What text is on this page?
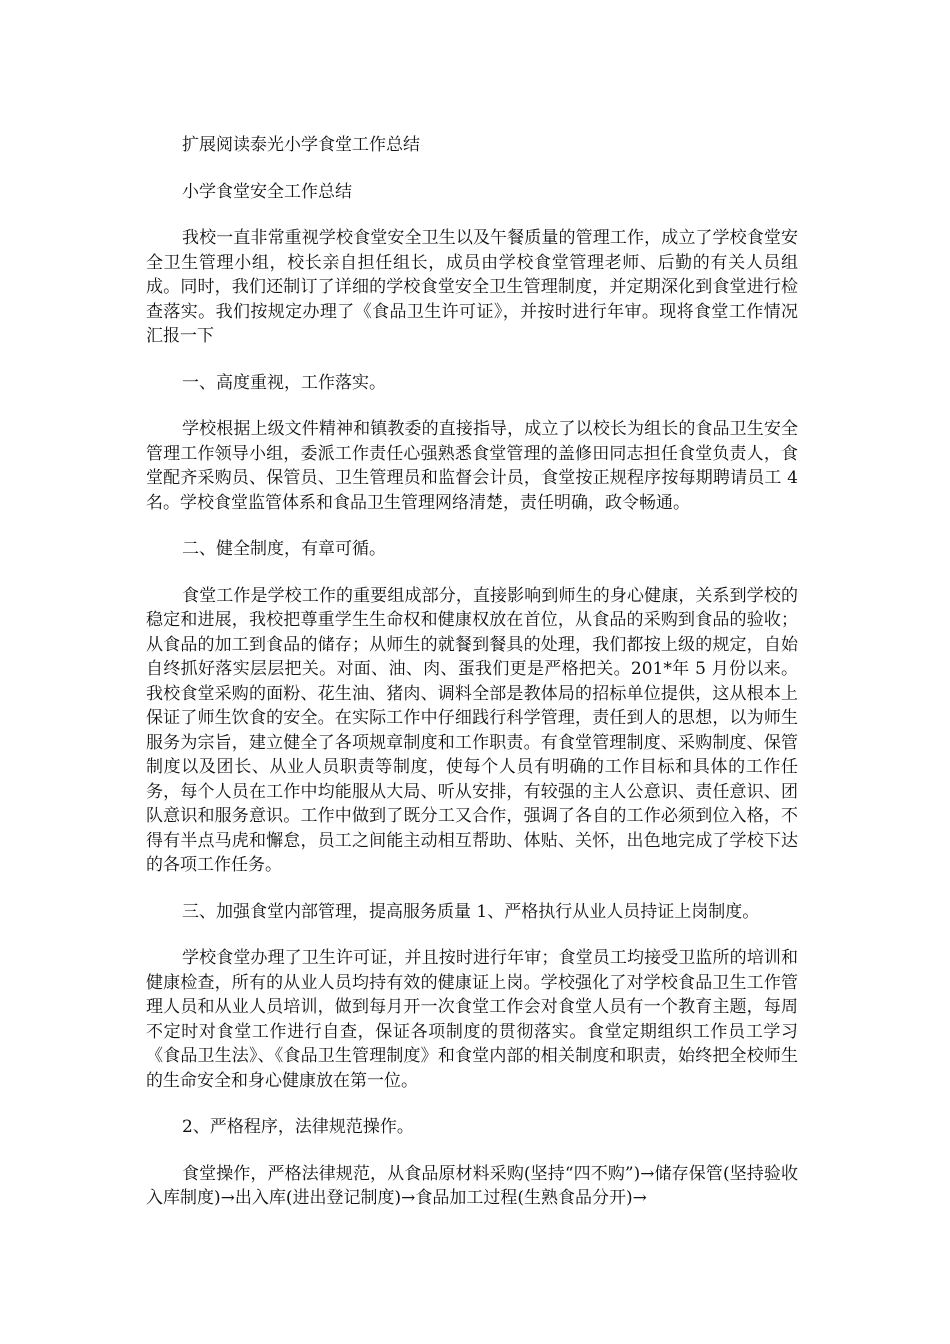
扩展阅读泰光小学食堂工作总结

小学食堂安全工作总结

我校一直非常重视学校食堂安全卫生以及午餐质量的管理工作，成立了学校食堂安全卫生管理小组，校长亲自担任组长，成员由学校食堂管理老师、后勤的有关人员组成。同时，我们还制订了详细的学校食堂安全卫生管理制度，并定期深化到食堂进行检查落实。我们按规定办理了《食品卫生许可证》，并按时进行年审。现将食堂工作情况汇报一下

一、高度重视，工作落实。

学校根据上级文件精神和镇教委的直接指导，成立了以校长为组长的食品卫生安全管理工作领导小组，委派工作责任心强熟悉食堂管理的盖修田同志担任食堂负责人，食堂配齐采购员、保管员、卫生管理员和监督会计员，食堂按正规程序按每期聘请员工 4 名。学校食堂监管体系和食品卫生管理网络清楚，责任明确，政令畅通。

二、健全制度，有章可循。

食堂工作是学校工作的重要组成部分，直接影响到师生的身心健康，关系到学校的稳定和进展，我校把尊重学生生命权和健康权放在首位，从食品的采购到食品的验收；从食品的加工到食品的储存；从师生的就餐到餐具的处理，我们都按上级的规定，自始自终抓好落实层层把关。对面、油、肉、蛋我们更是严格把关。201*年 5 月份以来。我校食堂采购的面粉、花生油、猪肉、调料全部是教体局的招标单位提供，这从根本上保证了师生饮食的安全。在实际工作中仔细践行科学管理，责任到人的思想，以为师生服务为宗旨，建立健全了各项规章制度和工作职责。有食堂管理制度、采购制度、保管制度以及团长、从业人员职责等制度，使每个人员有明确的工作目标和具体的工作任务，每个人员在工作中均能服从大局、听从安排，有较强的主人公意识、责任意识、团队意识和服务意识。工作中做到了既分工又合作，强调了各自的工作必须到位入格，不得有半点马虎和懈怠，员工之间能主动相互帮助、体贴、关怀，出色地完成了学校下达的各项工作任务。

三、加强食堂内部管理，提高服务质量 1、严格执行从业人员持证上岗制度。

学校食堂办理了卫生许可证，并且按时进行年审；食堂员工均接受卫监所的培训和健康检查，所有的从业人员均持有效的健康证上岗。学校强化了对学校食品卫生工作管理人员和从业人员培训，做到每月开一次食堂工作会对食堂人员有一个教育主题，每周不定时对食堂工作进行自查，保证各项制度的贯彻落实。食堂定期组织工作员工学习《食品卫生法》、《食品卫生管理制度》和食堂内部的相关制度和职责，始终把全校师生的生命安全和身心健康放在第一位。

2、严格程序，法律规范操作。

食堂操作，严格法律规范，从食品原材料采购(坚持“四不购”)→储存保管(坚持验收入库制度)→出入库(进出登记制度)→食品加工过程(生熟食品分开)→
